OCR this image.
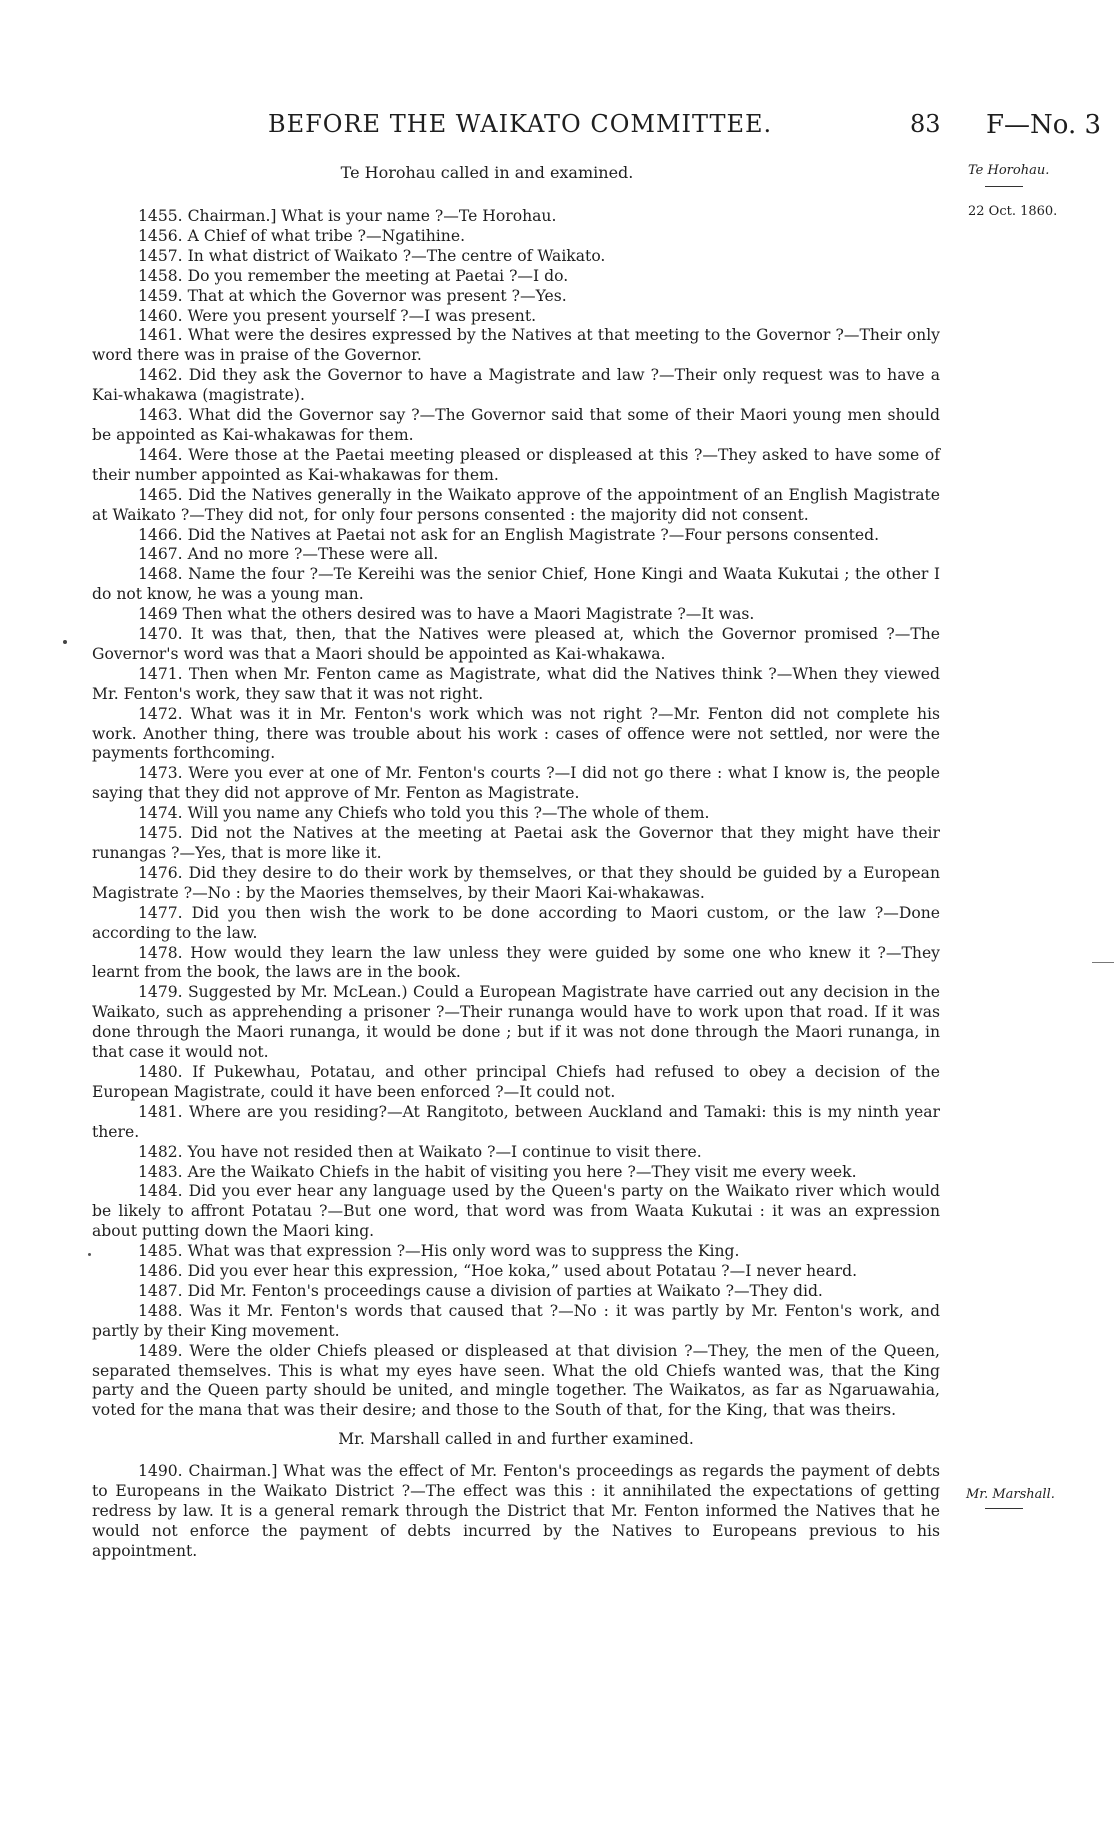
BEFORE THE WAIKATO COMMITTEE.	83 F—No. 3
Te Horohau called in and examined.	Te Horohau.
22 Oct. 1860.

1455. Chairman.] What is your name ?—Te Horohau.

1456. A Chief of what tribe ?—Ngatihine.

1457. In what district of Waikato ?—The centre of Waikato.

1458. Do you remember the meeting at Paetai ?—I do.

1459. That at which the Governor was present ?—Yes.

1460. Were you present yourself ?—I was present.

1461. What were the desires expressed by the Natives at that meeting to the Governor ?—Their only word there was in praise of the Governor.

1462. Did they ask the Governor to have a Magistrate and law ?—Their only request was to have a Kai-whakawa (magistrate).

1463. What did the Governor say ?—The Governor said that some of their Maori young men should be appointed as Kai-whakawas for them.

1464. Were those at the Paetai meeting pleased or displeased at this ?—They asked to have some of their number appointed as Kai-whakawas for them.

1465. Did the Natives generally in the Waikato approve of the appointment of an English Magistrate at Waikato ?—They did not, for only four persons consented : the majority did not consent.

1466. Did the Natives at Paetai not ask for an English Magistrate ?—Four persons consented.

1467. And no more ?—These were all.

1468. Name the four ?—Te Kereihi was the senior Chief, Hone Kingi and Waata Kukutai ; the other I do not know, he was a young man.

1469 Then what the others desired was to have a Maori Magistrate ?—It was.

1470. It was that, then, that the Natives were pleased at, which the Governor promised ?—The Governor's word was that a Maori should be appointed as Kai-whakawa.

1471. Then when Mr. Fenton came as Magistrate, what did the Natives think ?—When they viewed Mr. Fenton's work, they saw that it was not right.

1472. What was it in Mr. Fenton's work which was not right ?—Mr. Fenton did not complete his work. Another thing, there was trouble about his work : cases of offence were not settled, nor were the payments forthcoming.

1473. Were you ever at one of Mr. Fenton's courts ?—I did not go there : what I know is, the people saying that they did not approve of Mr. Fenton as Magistrate.

1474. Will you name any Chiefs who told you this ?—The whole of them.

1475. Did not the Natives at the meeting at Paetai ask the Governor that they might have their runangas ?—Yes, that is more like it.

1476. Did they desire to do their work by themselves, or that they should be guided by a European Magistrate ?—No : by the Maories themselves, by their Maori Kai-whakawas.

1477. Did you then wish the work to be done according to Maori custom, or the law ?—Done according to the law.

1478. How would they learn the law unless they were guided by some one who knew it ?—They learnt from the book, the laws are in the book.

1479. Suggested by Mr. McLean.) Could a European Magistrate have carried out any decision in the Waikato, such as apprehending a prisoner ?—Their runanga would have to work upon that road. If it was done through the Maori runanga, it would be done ; but if it was not done through the Maori runanga, in that case it would not.

1480. If Pukewhau, Potatau, and other principal Chiefs had refused to obey a decision of the European Magistrate, could it have been enforced ?—It could not.

1481. Where are you residing?—At Rangitoto, between Auckland and Tamaki: this is my ninth year there.

1482. You have not resided then at Waikato ?—I continue to visit there.

1483. Are the Waikato Chiefs in the habit of visiting you here ?—They visit me every week.

1484. Did you ever hear any language used by the Queen's party on the Waikato river which would be likely to affront Potatau ?—But one word, that word was from Waata Kukutai : it was an expression about putting down the Maori king.

1485. What was that expression ?—His only word was to suppress the King.

1486. Did you ever hear this expression, “Hoe koka,” used about Potatau ?—I never heard.

1487. Did Mr. Fenton's proceedings cause a division of parties at Waikato ?—They did.

1488. Was it Mr. Fenton's words that caused that ?—No : it was partly by Mr. Fenton's work, and partly by their King movement.

1489. Were the older Chiefs pleased or displeased at that division ?—They, the men of the Queen, separated themselves. This is what my eyes have seen. What the old Chiefs wanted was, that the King party and the Queen party should be united, and mingle together. The Waikatos, as far as Ngaruawahia, voted for the mana that was their desire; and those to the South of that, for the King, that was theirs.

Mr. Marshall called in and further examined.

1490. Chairman.] What was the effect of Mr. Fenton's proceedings as regards the payment of debts to Europeans in the Waikato District ?—The effect was this : it annihilated the expectations of getting redress by law. It is a general remark through the District that Mr. Fenton informed the Natives that he would not enforce the payment of debts incurred by the Natives to Europeans previous to his appointment.

Mr. Marshall.
